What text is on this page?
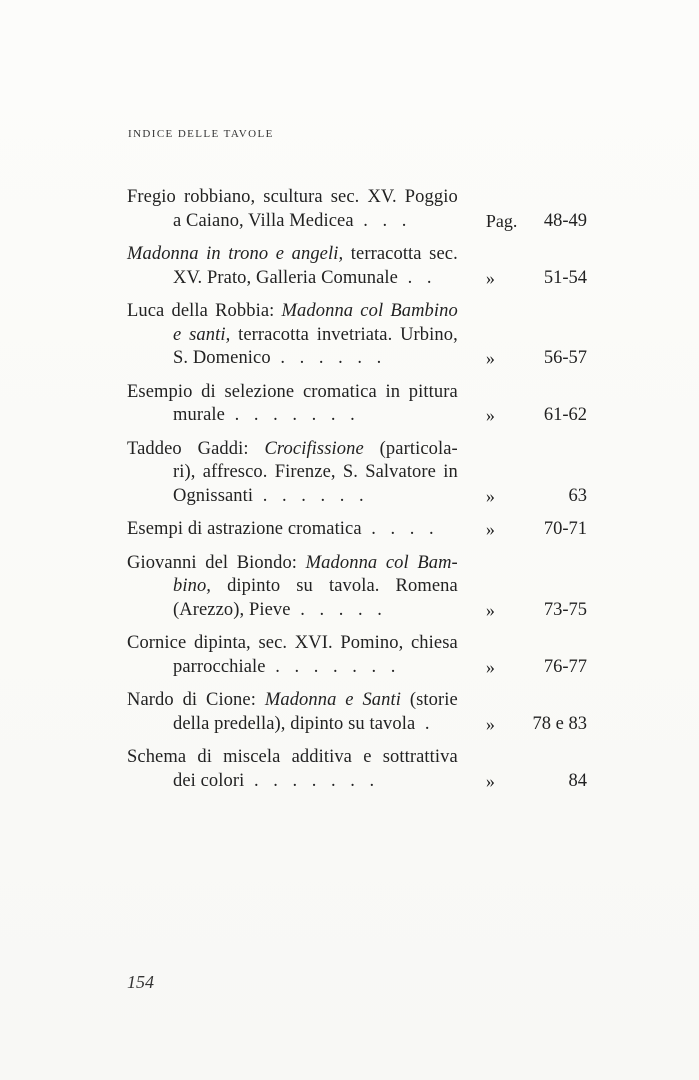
INDICE DELLE TAVOLE
Fregio robbiano, scultura sec. XV. Poggio
a Caiano, Villa Medicea . . .	Pag.	48-49
Madonna in trono e angeli, terracotta sec.
XV. Prato, Galleria Comunale . .	»	51-54
Luca della Robbia: Madonna col Bambino
e santi, terracotta invetriata. Urbino,
S. Domenico . . . . . .	»	56-57
Esempio di selezione cromatica in pittura
murale . . . . . . .	»	61-62
Taddeo Gaddi: Crocifissione (particola-
ri), affresco. Firenze, S. Salvatore in
Ognissanti . . . . . .	»	63
Esempi di astrazione cromatica . . . .	»	70-71
Giovanni del Biondo: Madonna col Bam-
bino, dipinto su tavola. Romena
(Arezzo), Pieve . . . . .	»	73-75
Cornice dipinta, sec. XVI. Pomino, chiesa
parrocchiale . . . . . . .	»	76-77
Nardo di Cione: Madonna e Santi (storie
della predella), dipinto su tavola .	»	78 e 83
Schema di miscela additiva e sottrattiva
dei colori . . . . . . .	»	84
154
